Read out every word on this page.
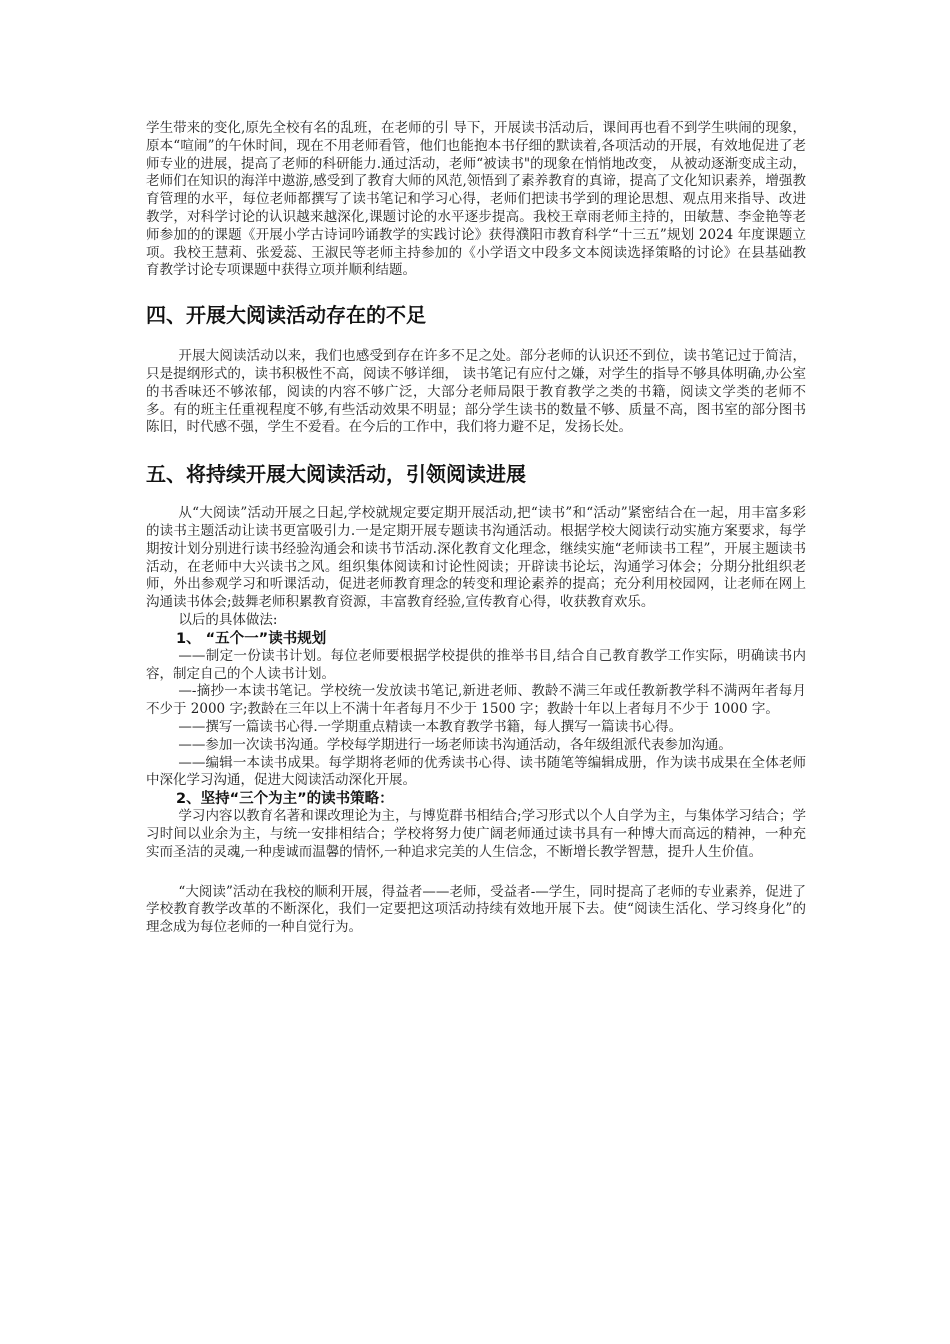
学生带来的变化,原先全校有名的乱班，在老师的引 导下，开展读书活动后，课间再也看不到学生哄闹的现象，原本“喧闹”的午休时间，现在不用老师看管，他们也能抱本书仔细的默读着,各项活动的开展，有效地促进了老师专业的进展，提高了老师的科研能力.通过活动，老师“被读书"的现象在悄悄地改变， 从被动逐渐变成主动，老师们在知识的海洋中遨游,感受到了教育大师的风范,领悟到了素养教育的真谛，提高了文化知识素养，增强教育管理的水平，每位老师都撰写了读书笔记和学习心得，老师们把读书学到的理论思想、观点用来指导、改进教学，对科学讨论的认识越来越深化,课题讨论的水平逐步提高。我校王章雨老师主持的，田敏慧、李金艳等老师参加的的课题《开展小学古诗词吟诵教学的实践讨论》获得濮阳市教育科学“十三五”规划 2024 年度课题立项。我校王慧莉、张爱蕊、王淑民等老师主持参加的《小学语文中段多文本阅读选择策略的讨论》在县基础教育教学讨论专项课题中获得立项并顺利结题。

四、开展大阅读活动存在的不足

开展大阅读活动以来，我们也感受到存在许多不足之处。部分老师的认识还不到位，读书笔记过于简洁，只是提纲形式的，读书积极性不高，阅读不够详细， 读书笔记有应付之嫌，对学生的指导不够具体明确,办公室的书香味还不够浓郁，阅读的内容不够广泛，大部分老师局限于教育教学之类的书籍，阅读文学类的老师不多。有的班主任重视程度不够,有些活动效果不明显；部分学生读书的数量不够、质量不高，图书室的部分图书陈旧，时代感不强，学生不爱看。在今后的工作中，我们将力避不足，发扬长处。

五、将持续开展大阅读活动，引领阅读进展

从“大阅读”活动开展之日起,学校就规定要定期开展活动,把“读书”和“活动”紧密结合在一起，用丰富多彩的读书主题活动让读书更富吸引力.一是定期开展专题读书沟通活动。根据学校大阅读行动实施方案要求，每学期按计划分别进行读书经验沟通会和读书节活动.深化教育文化理念，继续实施“老师读书工程”，开展主题读书活动，在老师中大兴读书之风。组织集体阅读和讨论性阅读；开辟读书论坛，沟通学习体会；分期分批组织老师，外出参观学习和听课活动，促进老师教育理念的转变和理论素养的提高；充分利用校园网，让老师在网上沟通读书体会;鼓舞老师积累教育资源，丰富教育经验,宣传教育心得，收获教育欢乐。

以后的具体做法:

1、 “五个一”读书规划

——制定一份读书计划。每位老师要根据学校提供的推举书目,结合自己教育教学工作实际，明确读书内容，制定自己的个人读书计划。

—-摘抄一本读书笔记。学校统一发放读书笔记,新进老师、教龄不满三年或任教新教学科不满两年者每月不少于 2000 字;教龄在三年以上不满十年者每月不少于 1500 字；教龄十年以上者每月不少于 1000 字。

——撰写一篇读书心得.一学期重点精读一本教育教学书籍，每人撰写一篇读书心得。

——参加一次读书沟通。学校每学期进行一场老师读书沟通活动，各年级组派代表参加沟通。

——编辑一本读书成果。每学期将老师的优秀读书心得、读书随笔等编辑成册，作为读书成果在全体老师中深化学习沟通，促进大阅读活动深化开展。

2、坚持“三个为主”的读书策略：

学习内容以教育名著和课改理论为主，与博览群书相结合;学习形式以个人自学为主，与集体学习结合；学习时间以业余为主，与统一安排相结合；学校将努力使广阔老师通过读书具有一种博大而高远的精神，一种充实而圣洁的灵魂,一种虔诚而温馨的情怀,一种追求完美的人生信念，不断增长教学智慧，提升人生价值。

“大阅读”活动在我校的顺利开展，得益者——老师，受益者-—学生，同时提高了老师的专业素养，促进了学校教育教学改革的不断深化，我们一定要把这项活动持续有效地开展下去。使“阅读生活化、学习终身化”的理念成为每位老师的一种自觉行为。
